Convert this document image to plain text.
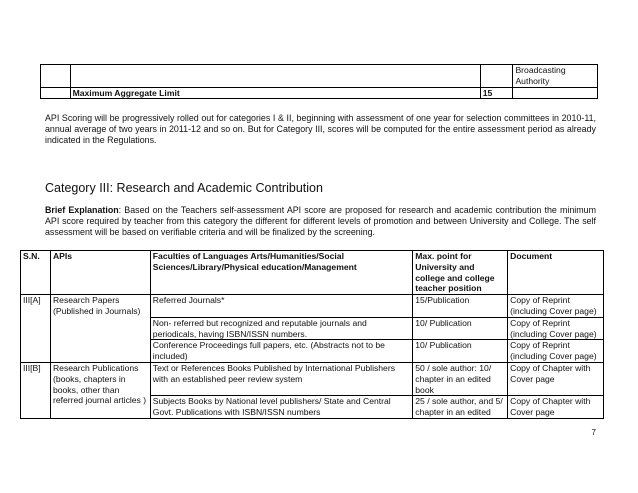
			Broadcasting Authority
	Maximum Aggregate Limit	15	

API Scoring will be progressively rolled out for categories I & II, beginning with assessment of one year for selection committees in 2010-11, annual average of two years in 2011-12 and so on. But for Category III, scores will be computed for the entire assessment period as already indicated in the Regulations.

Category III: Research and Academic Contribution

Brief Explanation: Based on the Teachers self-assessment API score are proposed for research and academic contribution the minimum API score required by teacher from this category the different for different levels of promotion and between University and College. The self assessment will be based on verifiable criteria and will be finalized by the screening.

S.N.	APIs	Faculties of Languages Arts/Humanities/Social Sciences/Library/Physical education/Management	Max. point for University and college and college teacher position	Document
III[A]	Research Papers (Published in Journals)	Referred Journals*	15/Publication	Copy of Reprint (including Cover page)
		Non- referred but recognized and reputable journals and periodicals, having ISBN/ISSN numbers.	10/ Publication	Copy of Reprint (including Cover page)
		Conference Proceedings full papers, etc. (Abstracts not to be included)	10/ Publication	Copy of Reprint (including Cover page)
III[B]	Research Publications (books, chapters in books, other than referred journal articles )	Text or References Books Published by International Publishers with an established peer review system	50 / sole author: 10/ chapter in an edited book	Copy of Chapter with Cover page
		Subjects Books by National level publishers/ State and Central Govt. Publications with ISBN/ISSN numbers	25 / sole author, and 5/ chapter in an edited	Copy of Chapter with Cover page
7
